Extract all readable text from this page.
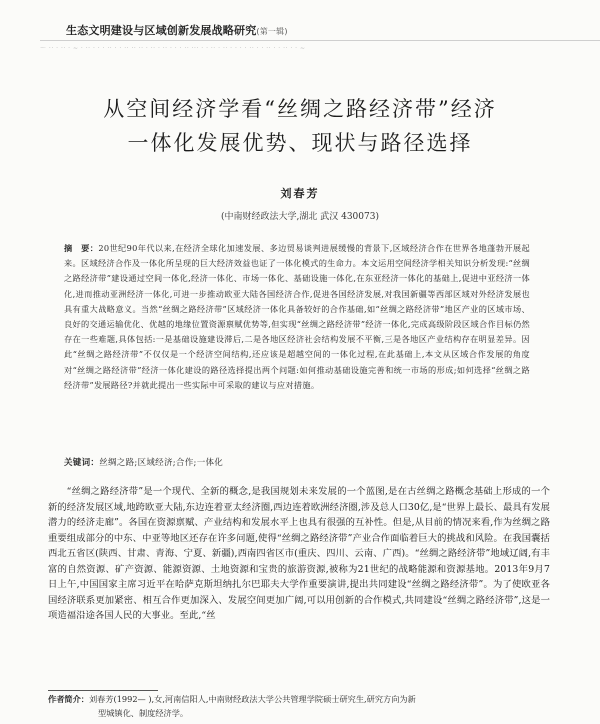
生态文明建设与区域创新发展战略研究(第一辑)
～ ·· · ·· · ~ · ·· · · · ·· · · ·· ·· ·· · ·· · ·· · · · ·· ··· · · ·· · ·· · · · · ·· · · ·· · · ·· · · ~
从空间经济学看“丝绸之路经济带”经济
一体化发展优势、现状与路径选择
刘春芳
(中南财经政法大学,湖北 武汉 430073)
摘　要：20世纪90年代以来,在经济全球化加速发展、多边贸易谈判进展缓慢的背景下,区域经济合作在世界各地蓬勃开展起来。区域经济合作及一体化所呈现的巨大经济效益也证了一体化模式的生命力。本文运用空间经济学相关知识分析发现:“丝绸之路经济带”建设通过空间一体化,经济一体化、市场一体化、基础设施一体化,在东亚经济一体化的基础上,促进中亚经济一体化,进而推动亚洲经济一体化,可进一步推动欧亚大陆各国经济合作,促进各国经济发展,对我国新疆等西部区域对外经济发展也具有重大战略意义。当然“丝绸之路经济带”区域经济一体化具备较好的合作基础,如“丝绸之路经济带”地区产业的区域市场、良好的交通运输优化、优越的地缘位置资源禀赋优势等,但实现“丝绸之路经济带”经济一体化,完成高级阶段区域合作目标仍然存在一些难题,具体包括:一是基础设施建设滞后,二是各地区经济社会结构发展不平衡,三是各地区产业结构存在明显差异。因此“丝绸之路经济带”不仅仅是一个经济空间结构,还应该是超越空间的一体化过程,在此基础上,本文从区域合作发展的角度对“丝绸之路经济带”经济一体化建设的路径选择提出两个问题:如何推动基础设施完善和统一市场的形成;如何选择“丝绸之路经济带”发展路径?并就此提出一些实际中可采取的建议与应对措施。
关键词：丝绸之路;区域经济;合作;一体化
“丝绸之路经济带”是一个现代、全新的概念,是我国规划未来发展的一个蓝图,是在古丝绸之路概念基础上形成的一个新的经济发展区域,地跨欧亚大陆,东边连着亚太经济圈,西边连着欧洲经济圈,涉及总人口30亿,是“世界上最长、最具有发展潜力的经济走廊”。各国在资源禀赋、产业结构和发展水平上也具有很强的互补性。但是,从目前的情况来看,作为丝绸之路重要组成部分的中东、中亚等地区还存在许多问题,使得“丝绸之路经济带”产业合作面临着巨大的挑战和风险。在我国囊括西北五省区(陕西、甘肃、青海、宁夏、新疆),西南四省区市(重庆、四川、云南、广西)。“丝绸之路经济带”地域辽阔,有丰富的自然资源、矿产资源、能源资源、土地资源和宝贵的旅游资源,被称为21世纪的战略能源和资源基地。2013年9月7日上午,中国国家主席习近平在哈萨克斯坦纳扎尔巴耶夫大学作重要演讲,提出共同建设“丝绸之路经济带”。为了使欧亚各国经济联系更加紧密、相互合作更加深入、发展空间更加广阔,可以用创新的合作模式,共同建设“丝绸之路经济带”,这是一项造福沿途各国人民的大事业。至此,“丝
作者简介：刘春芳(1992— ),女,河南信阳人,中南财经政法大学公共管理学院硕士研究生,研究方向为新
型城镇化、制度经济学。
